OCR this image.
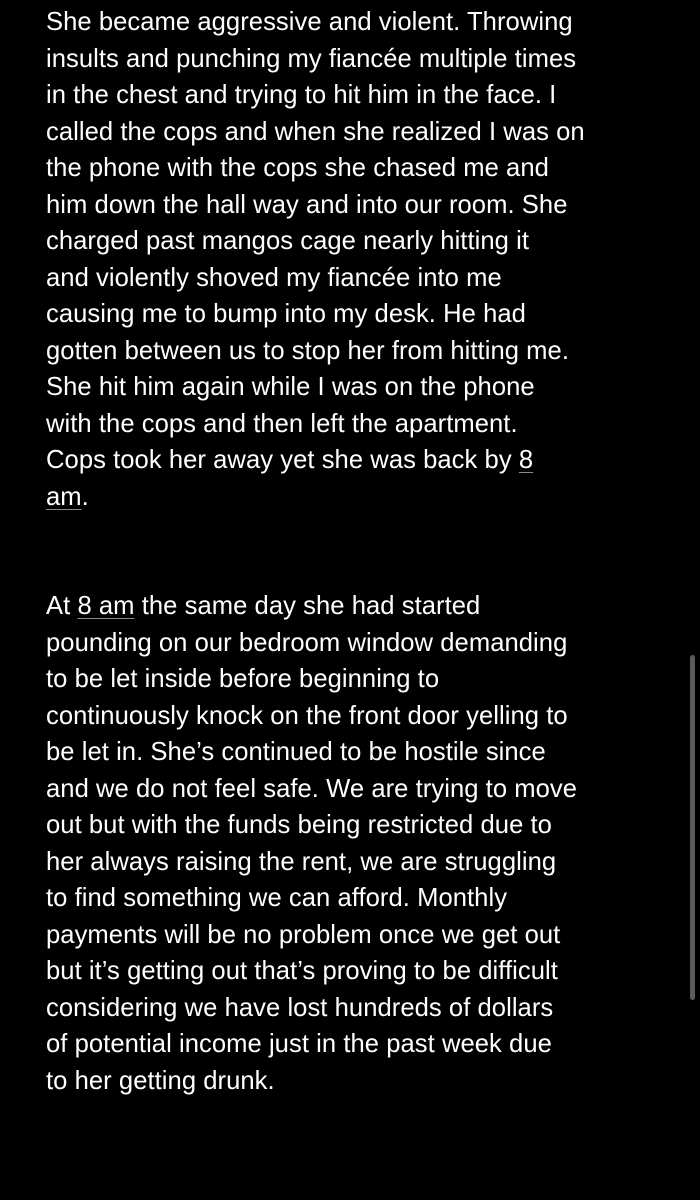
She became aggressive and violent. Throwing
insults and punching my fiancée multiple times
in the chest and trying to hit him in the face. I
called the cops and when she realized I was on
the phone with the cops she chased me and
him down the hall way and into our room. She
charged past mangos cage nearly hitting it
and violently shoved my fiancée into me
causing me to bump into my desk. He had
gotten between us to stop her from hitting me.
She hit him again while I was on the phone
with the cops and then left the apartment.
Cops took her away yet she was back by 8
am.
At 8 am the same day she had started
pounding on our bedroom window demanding
to be let inside before beginning to
continuously knock on the front door yelling to
be let in. She’s continued to be hostile since
and we do not feel safe. We are trying to move
out but with the funds being restricted due to
her always raising the rent, we are struggling
to find something we can afford. Monthly
payments will be no problem once we get out
but it’s getting out that’s proving to be difficult
considering we have lost hundreds of dollars
of potential income just in the past week due
to her getting drunk.
